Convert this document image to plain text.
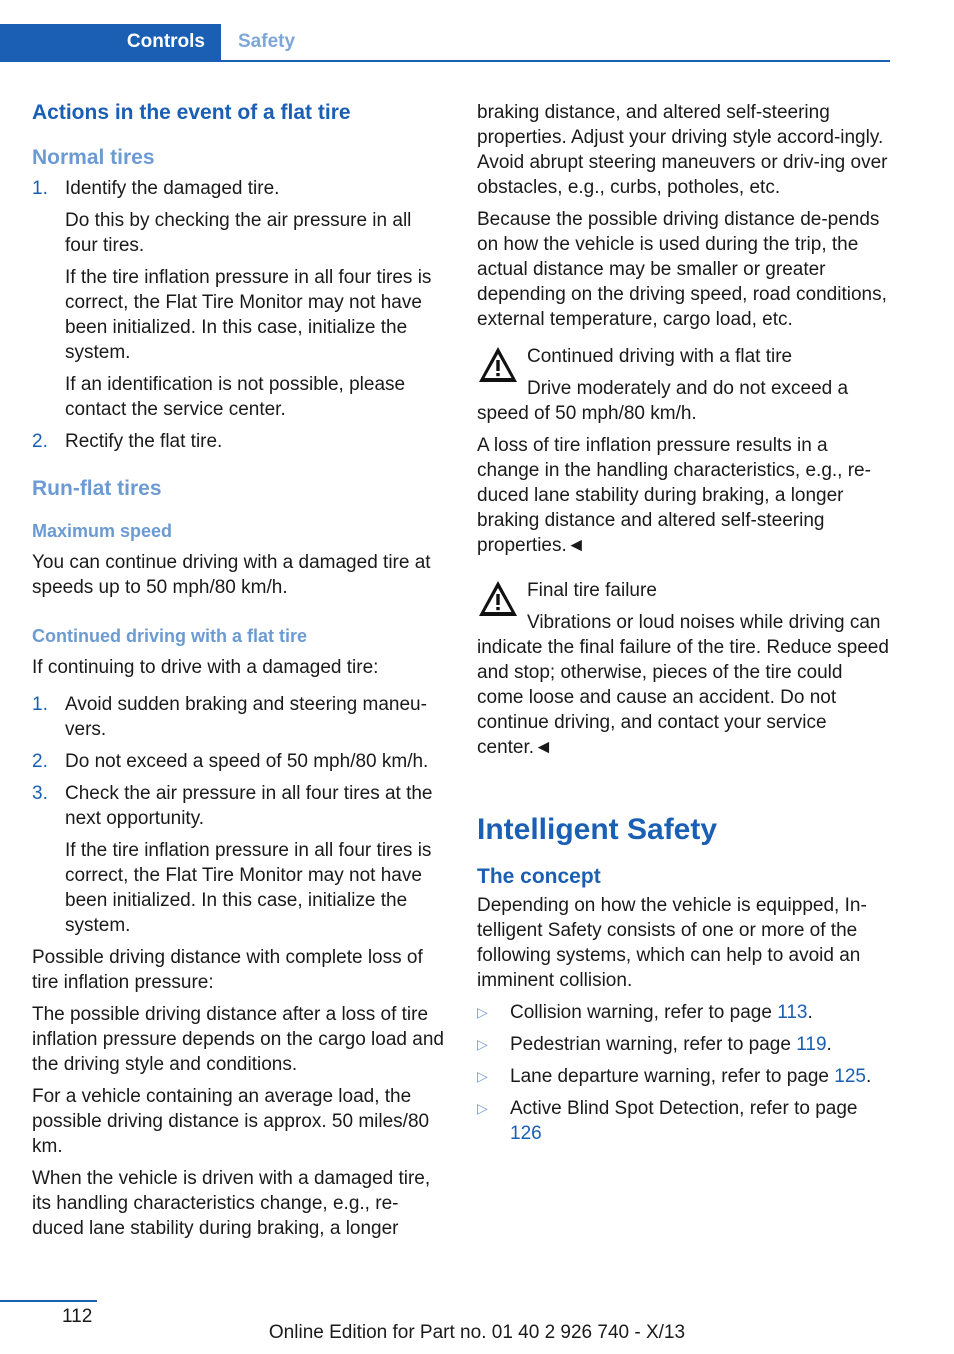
Controls	Safety
Actions in the event of a flat tire
Normal tires
1. Identify the damaged tire.

Do this by checking the air pressure in all four tires.

If the tire inflation pressure in all four tires is correct, the Flat Tire Monitor may not have been initialized. In this case, initialize the system.

If an identification is not possible, please contact the service center.

2. Rectify the flat tire.

Run-flat tires
Maximum speed

You can continue driving with a damaged tire at speeds up to 50 mph/80 km/h.

Continued driving with a flat tire

If continuing to drive with a damaged tire:

1. Avoid sudden braking and steering maneu‐vers.

2. Do not exceed a speed of 50 mph/80 km/h.

3. Check the air pressure in all four tires at the next opportunity.

If the tire inflation pressure in all four tires is correct, the Flat Tire Monitor may not have been initialized. In this case, initialize the system.

Possible driving distance with complete loss of tire inflation pressure:

The possible driving distance after a loss of tire inflation pressure depends on the cargo load and the driving style and conditions.

For a vehicle containing an average load, the possible driving distance is approx. 50 miles/80 km.

When the vehicle is driven with a damaged tire, its handling characteristics change, e.g., re‐duced lane stability during braking, a longer

braking distance, and altered self-steering properties. Adjust your driving style accord‐ingly. Avoid abrupt steering maneuvers or driv‐ing over obstacles, e.g., curbs, potholes, etc.

Because the possible driving distance de‐pends on how the vehicle is used during the trip, the actual distance may be smaller or greater depending on the driving speed, road conditions, external temperature, cargo load, etc.

Continued driving with a flat tire

Drive moderately and do not exceed a speed of 50 mph/80 km/h.

A loss of tire inflation pressure results in a change in the handling characteristics, e.g., re‐duced lane stability during braking, a longer braking distance and altered self-steering properties.◄

Final tire failure

Vibrations or loud noises while driving can indicate the final failure of the tire. Reduce speed and stop; otherwise, pieces of the tire could come loose and cause an accident. Do not continue driving, and contact your service center.◄

Intelligent Safety
The concept

Depending on how the vehicle is equipped, In‐telligent Safety consists of one or more of the following systems, which can help to avoid an imminent collision.

▷ Collision warning, refer to page 113.
▷ Pedestrian warning, refer to page 119.
▷ Lane departure warning, refer to page 125.
▷ Active Blind Spot Detection, refer to page 126
112
Online Edition for Part no. 01 40 2 926 740 - X/13
